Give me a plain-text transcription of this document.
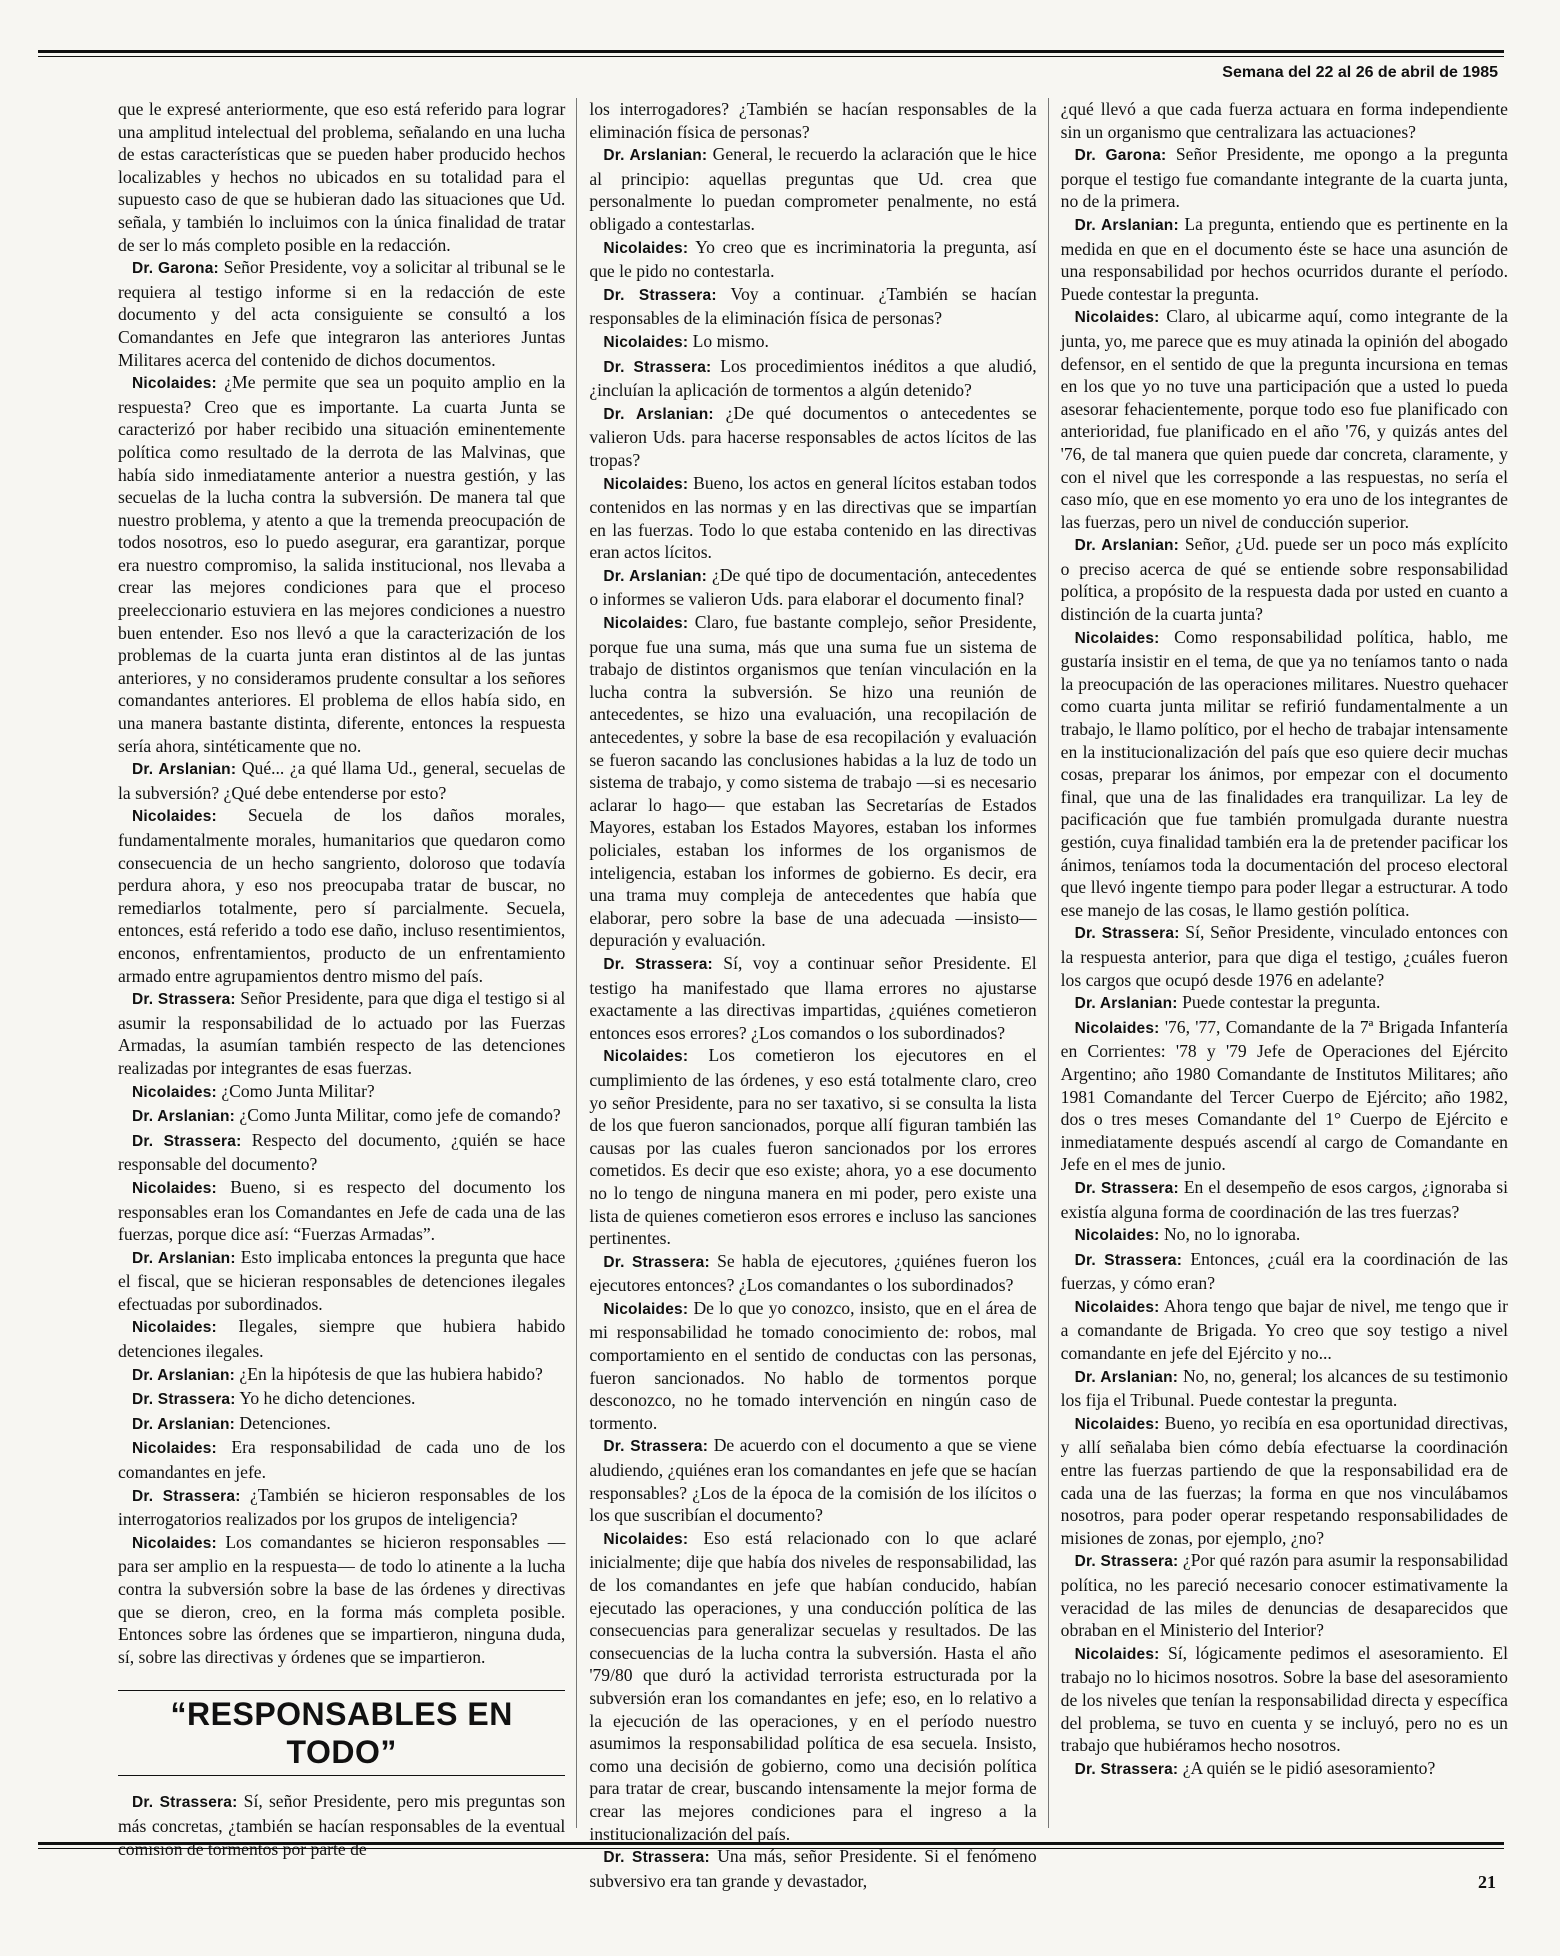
Semana del 22 al 26 de abril de 1985

que le expresé anteriormente, que eso está referido para lograr una amplitud intelectual del problema, señalando en una lucha de estas características que se pueden haber producido hechos localizables y hechos no ubicados en su totalidad para el supuesto caso de que se hubieran dado las situaciones que Ud. señala, y también lo incluimos con la única finalidad de tratar de ser lo más completo posible en la redacción.

Dr. Garona: Señor Presidente, voy a solicitar al tribunal se le requiera al testigo informe si en la redacción de este documento y del acta consiguiente se consultó a los Comandantes en Jefe que integraron las anteriores Juntas Militares acerca del contenido de dichos documentos.

Nicolaides: ¿Me permite que sea un poquito amplio en la respuesta? Creo que es importante. La cuarta Junta se caracterizó por haber recibido una situación eminentemente política como resultado de la derrota de las Malvinas, que había sido inmediatamente anterior a nuestra gestión, y las secuelas de la lucha contra la subversión. De manera tal que nuestro problema, y atento a que la tremenda preocupación de todos nosotros, eso lo puedo asegurar, era garantizar, porque era nuestro compromiso, la salida institucional, nos llevaba a crear las mejores condiciones para que el proceso preeleccionario estuviera en las mejores condiciones a nuestro buen entender. Eso nos llevó a que la caracterización de los problemas de la cuarta junta eran distintos al de las juntas anteriores, y no consideramos prudente consultar a los señores comandantes anteriores. El problema de ellos había sido, en una manera bastante distinta, diferente, entonces la respuesta sería ahora, sintéticamente que no.

Dr. Arslanian: Qué... ¿a qué llama Ud., general, secuelas de la subversión? ¿Qué debe entenderse por esto?

Nicolaides: Secuela de los daños morales, fundamentalmente morales, humanitarios que quedaron como consecuencia de un hecho sangriento, doloroso que todavía perdura ahora, y eso nos preocupaba tratar de buscar, no remediarlos totalmente, pero sí parcialmente. Secuela, entonces, está referido a todo ese daño, incluso resentimientos, enconos, enfrentamientos, producto de un enfrentamiento armado entre agrupamientos dentro mismo del país.

Dr. Strassera: Señor Presidente, para que diga el testigo si al asumir la responsabilidad de lo actuado por las Fuerzas Armadas, la asumían también respecto de las detenciones realizadas por integrantes de esas fuerzas.

Nicolaides: ¿Como Junta Militar?

Dr. Arslanian: ¿Como Junta Militar, como jefe de comando?

Dr. Strassera: Respecto del documento, ¿quién se hace responsable del documento?

Nicolaides: Bueno, si es respecto del documento los responsables eran los Comandantes en Jefe de cada una de las fuerzas, porque dice así: “Fuerzas Armadas”.

Dr. Arslanian: Esto implicaba entonces la pregunta que hace el fiscal, que se hicieran responsables de detenciones ilegales efectuadas por subordinados.

Nicolaides: Ilegales, siempre que hubiera habido detenciones ilegales.

Dr. Arslanian: ¿En la hipótesis de que las hubiera habido?

Dr. Strassera: Yo he dicho detenciones.

Dr. Arslanian: Detenciones.

Nicolaides: Era responsabilidad de cada uno de los comandantes en jefe.

Dr. Strassera: ¿También se hicieron responsables de los interrogatorios realizados por los grupos de inteligencia?

Nicolaides: Los comandantes se hicieron responsables —para ser amplio en la respuesta— de todo lo atinente a la lucha contra la subversión sobre la base de las órdenes y directivas que se dieron, creo, en la forma más completa posible. Entonces sobre las órdenes que se impartieron, ninguna duda, sí, sobre las directivas y órdenes que se impartieron.

“RESPONSABLES EN TODO”

Dr. Strassera: Sí, señor Presidente, pero mis preguntas son más concretas, ¿también se hacían responsables de la eventual comisión de tormentos por parte de

los interrogadores? ¿También se hacían responsables de la eliminación física de personas?

Dr. Arslanian: General, le recuerdo la aclaración que le hice al principio: aquellas preguntas que Ud. crea que personalmente lo puedan comprometer penalmente, no está obligado a contestarlas.

Nicolaides: Yo creo que es incriminatoria la pregunta, así que le pido no contestarla.

Dr. Strassera: Voy a continuar. ¿También se hacían responsables de la eliminación física de personas?

Nicolaides: Lo mismo.

Dr. Strassera: Los procedimientos inéditos a que aludió, ¿incluían la aplicación de tormentos a algún detenido?

Dr. Arslanian: ¿De qué documentos o antecedentes se valieron Uds. para hacerse responsables de actos lícitos de las tropas?

Nicolaides: Bueno, los actos en general lícitos estaban todos contenidos en las normas y en las directivas que se impartían en las fuerzas. Todo lo que estaba contenido en las directivas eran actos lícitos.

Dr. Arslanian: ¿De qué tipo de documentación, antecedentes o informes se valieron Uds. para elaborar el documento final?

Nicolaides: Claro, fue bastante complejo, señor Presidente, porque fue una suma, más que una suma fue un sistema de trabajo de distintos organismos que tenían vinculación en la lucha contra la subversión. Se hizo una reunión de antecedentes, se hizo una evaluación, una recopilación de antecedentes, y sobre la base de esa recopilación y evaluación se fueron sacando las conclusiones habidas a la luz de todo un sistema de trabajo, y como sistema de trabajo —si es necesario aclarar lo hago— que estaban las Secretarías de Estados Mayores, estaban los Estados Mayores, estaban los informes policiales, estaban los informes de los organismos de inteligencia, estaban los informes de gobierno. Es decir, era una trama muy compleja de antecedentes que había que elaborar, pero sobre la base de una adecuada —insisto— depuración y evaluación.

Dr. Strassera: Sí, voy a continuar señor Presidente. El testigo ha manifestado que llama errores no ajustarse exactamente a las directivas impartidas, ¿quiénes cometieron entonces esos errores? ¿Los comandos o los subordinados?

Nicolaides: Los cometieron los ejecutores en el cumplimiento de las órdenes, y eso está totalmente claro, creo yo señor Presidente, para no ser taxativo, si se consulta la lista de los que fueron sancionados, porque allí figuran también las causas por las cuales fueron sancionados por los errores cometidos. Es decir que eso existe; ahora, yo a ese documento no lo tengo de ninguna manera en mi poder, pero existe una lista de quienes cometieron esos errores e incluso las sanciones pertinentes.

Dr. Strassera: Se habla de ejecutores, ¿quiénes fueron los ejecutores entonces? ¿Los comandantes o los subordinados?

Nicolaides: De lo que yo conozco, insisto, que en el área de mi responsabilidad he tomado conocimiento de: robos, mal comportamiento en el sentido de conductas con las personas, fueron sancionados. No hablo de tormentos porque desconozco, no he tomado intervención en ningún caso de tormento.

Dr. Strassera: De acuerdo con el documento a que se viene aludiendo, ¿quiénes eran los comandantes en jefe que se hacían responsables? ¿Los de la época de la comisión de los ilícitos o los que suscribían el documento?

Nicolaides: Eso está relacionado con lo que aclaré inicialmente; dije que había dos niveles de responsabilidad, las de los comandantes en jefe que habían conducido, habían ejecutado las operaciones, y una conducción política de las consecuencias para generalizar secuelas y resultados. De las consecuencias de la lucha contra la subversión. Hasta el año '79/80 que duró la actividad terrorista estructurada por la subversión eran los comandantes en jefe; eso, en lo relativo a la ejecución de las operaciones, y en el período nuestro asumimos la responsabilidad política de esa secuela. Insisto, como una decisión de gobierno, como una decisión política para tratar de crear, buscando intensamente la mejor forma de crear las mejores condiciones para el ingreso a la institucionalización del país.

Dr. Strassera: Una más, señor Presidente. Si el fenómeno subversivo era tan grande y devastador,

¿qué llevó a que cada fuerza actuara en forma independiente sin un organismo que centralizara las actuaciones?

Dr. Garona: Señor Presidente, me opongo a la pregunta porque el testigo fue comandante integrante de la cuarta junta, no de la primera.

Dr. Arslanian: La pregunta, entiendo que es pertinente en la medida en que en el documento éste se hace una asunción de una responsabilidad por hechos ocurridos durante el período. Puede contestar la pregunta.

Nicolaides: Claro, al ubicarme aquí, como integrante de la junta, yo, me parece que es muy atinada la opinión del abogado defensor, en el sentido de que la pregunta incursiona en temas en los que yo no tuve una participación que a usted lo pueda asesorar fehacientemente, porque todo eso fue planificado con anterioridad, fue planificado en el año '76, y quizás antes del '76, de tal manera que quien puede dar concreta, claramente, y con el nivel que les corresponde a las respuestas, no sería el caso mío, que en ese momento yo era uno de los integrantes de las fuerzas, pero un nivel de conducción superior.

Dr. Arslanian: Señor, ¿Ud. puede ser un poco más explícito o preciso acerca de qué se entiende sobre responsabilidad política, a propósito de la respuesta dada por usted en cuanto a distinción de la cuarta junta?

Nicolaides: Como responsabilidad política, hablo, me gustaría insistir en el tema, de que ya no teníamos tanto o nada la preocupación de las operaciones militares. Nuestro quehacer como cuarta junta militar se refirió fundamentalmente a un trabajo, le llamo político, por el hecho de trabajar intensamente en la institucionalización del país que eso quiere decir muchas cosas, preparar los ánimos, por empezar con el documento final, que una de las finalidades era tranquilizar. La ley de pacificación que fue también promulgada durante nuestra gestión, cuya finalidad también era la de pretender pacificar los ánimos, teníamos toda la documentación del proceso electoral que llevó ingente tiempo para poder llegar a estructurar. A todo ese manejo de las cosas, le llamo gestión política.

Dr. Strassera: Sí, Señor Presidente, vinculado entonces con la respuesta anterior, para que diga el testigo, ¿cuáles fueron los cargos que ocupó desde 1976 en adelante?

Dr. Arslanian: Puede contestar la pregunta.

Nicolaides: '76, '77, Comandante de la 7ª Brigada Infantería en Corrientes: '78 y '79 Jefe de Operaciones del Ejército Argentino; año 1980 Comandante de Institutos Militares; año 1981 Comandante del Tercer Cuerpo de Ejército; año 1982, dos o tres meses Comandante del 1° Cuerpo de Ejército e inmediatamente después ascendí al cargo de Comandante en Jefe en el mes de junio.

Dr. Strassera: En el desempeño de esos cargos, ¿ignoraba si existía alguna forma de coordinación de las tres fuerzas?

Nicolaides: No, no lo ignoraba.

Dr. Strassera: Entonces, ¿cuál era la coordinación de las fuerzas, y cómo eran?

Nicolaides: Ahora tengo que bajar de nivel, me tengo que ir a comandante de Brigada. Yo creo que soy testigo a nivel comandante en jefe del Ejército y no...

Dr. Arslanian: No, no, general; los alcances de su testimonio los fija el Tribunal. Puede contestar la pregunta.

Nicolaides: Bueno, yo recibía en esa oportunidad directivas, y allí señalaba bien cómo debía efectuarse la coordinación entre las fuerzas partiendo de que la responsabilidad era de cada una de las fuerzas; la forma en que nos vinculábamos nosotros, para poder operar respetando responsabilidades de misiones de zonas, por ejemplo, ¿no?

Dr. Strassera: ¿Por qué razón para asumir la responsabilidad política, no les pareció necesario conocer estimativamente la veracidad de las miles de denuncias de desaparecidos que obraban en el Ministerio del Interior?

Nicolaides: Sí, lógicamente pedimos el asesoramiento. El trabajo no lo hicimos nosotros. Sobre la base del asesoramiento de los niveles que tenían la responsabilidad directa y específica del problema, se tuvo en cuenta y se incluyó, pero no es un trabajo que hubiéramos hecho nosotros.

Dr. Strassera: ¿A quién se le pidió asesoramiento?

21
